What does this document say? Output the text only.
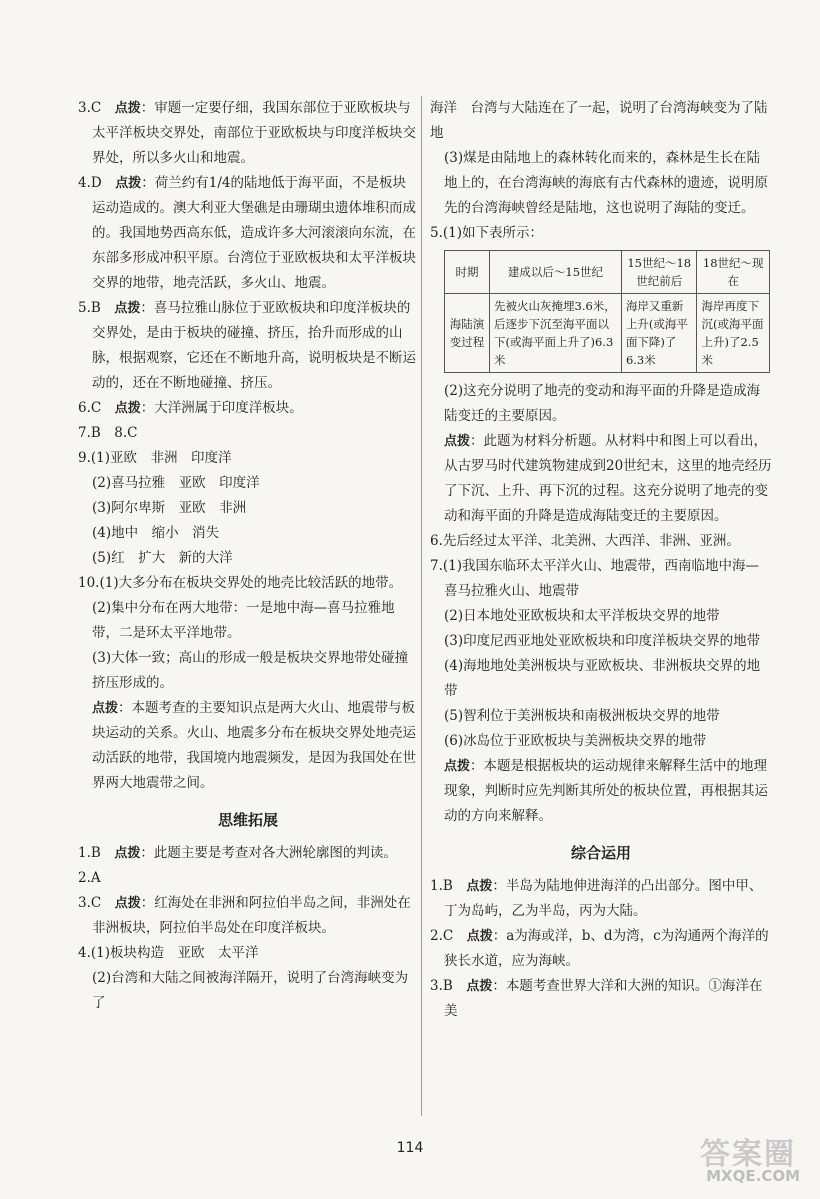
3.C　点拨：审题一定要仔细，我国东部位于亚欧板块与太平洋板块交界处，南部位于亚欧板块与印度洋板块交界处，所以多火山和地震。

4.D　点拨：荷兰约有1/4的陆地低于海平面，不是板块运动造成的。澳大利亚大堡礁是由珊瑚虫遗体堆积而成的。我国地势西高东低，造成许多大河滚滚向东流，在东部多形成冲积平原。台湾位于亚欧板块和太平洋板块交界的地带，地壳活跃，多火山、地震。

5.B　点拨：喜马拉雅山脉位于亚欧板块和印度洋板块的交界处，是由于板块的碰撞、挤压，抬升而形成的山脉，根据观察，它还在不断地升高，说明板块是不断运动的，还在不断地碰撞、挤压。

6.C　点拨：大洋洲属于印度洋板块。

7.B　8.C

9.(1)亚欧　非洲　印度洋

(2)喜马拉雅　亚欧　印度洋

(3)阿尔卑斯　亚欧　非洲

(4)地中　缩小　消失

(5)红　扩大　新的大洋

10.(1)大多分布在板块交界处的地壳比较活跃的地带。

(2)集中分布在两大地带：一是地中海—喜马拉雅地带，二是环太平洋地带。

(3)大体一致；高山的形成一般是板块交界地带处碰撞挤压形成的。

点拨：本题考查的主要知识点是两大火山、地震带与板块运动的关系。火山、地震多分布在板块交界处地壳运动活跃的地带，我国境内地震频发，是因为我国处在世界两大地震带之间。

思维拓展

1.B　点拨：此题主要是考查对各大洲轮廓图的判读。

2.A

3.C　点拨：红海处在非洲和阿拉伯半岛之间，非洲处在非洲板块，阿拉伯半岛处在印度洋板块。

4.(1)板块构造　亚欧　太平洋

(2)台湾和大陆之间被海洋隔开，说明了台湾海峡变为了

海洋　台湾与大陆连在了一起，说明了台湾海峡变为了陆地

(3)煤是由陆地上的森林转化而来的，森林是生长在陆地上的，在台湾海峡的海底有古代森林的遗迹，说明原先的台湾海峡曾经是陆地，这也说明了海陆的变迁。

5.(1)如下表所示：

时期	建成以后～15世纪	15世纪～18世纪前后	18世纪～现在
海陆演变过程	先被火山灰掩埋3.6米，后逐步下沉至海平面以下(或海平面上升了)6.3米	海岸又重新上升(或海平面下降)了6.3米	海岸再度下沉(或海平面上升)了2.5米

(2)这充分说明了地壳的变动和海平面的升降是造成海陆变迁的主要原因。

点拨：此题为材料分析题。从材料中和图上可以看出，从古罗马时代建筑物建成到20世纪末，这里的地壳经历了下沉、上升、再下沉的过程。这充分说明了地壳的变动和海平面的升降是造成海陆变迁的主要原因。

6.先后经过太平洋、北美洲、大西洋、非洲、亚洲。

7.(1)我国东临环太平洋火山、地震带，西南临地中海—喜马拉雅火山、地震带

(2)日本地处亚欧板块和太平洋板块交界的地带

(3)印度尼西亚地处亚欧板块和印度洋板块交界的地带

(4)海地地处美洲板块与亚欧板块、非洲板块交界的地带

(5)智利位于美洲板块和南极洲板块交界的地带

(6)冰岛位于亚欧板块与美洲板块交界的地带

点拨：本题是根据板块的运动规律来解释生活中的地理现象，判断时应先判断其所处的板块位置，再根据其运动的方向来解释。

综合运用

1.B　点拨：半岛为陆地伸进海洋的凸出部分。图中甲、丁为岛屿，乙为半岛，丙为大陆。

2.C　点拨：a为海或洋，b、d为湾，c为沟通两个海洋的狭长水道，应为海峡。

3.B　点拨：本题考查世界大洋和大洲的知识。①海洋在美

114	答案圈
MXQE.COM
